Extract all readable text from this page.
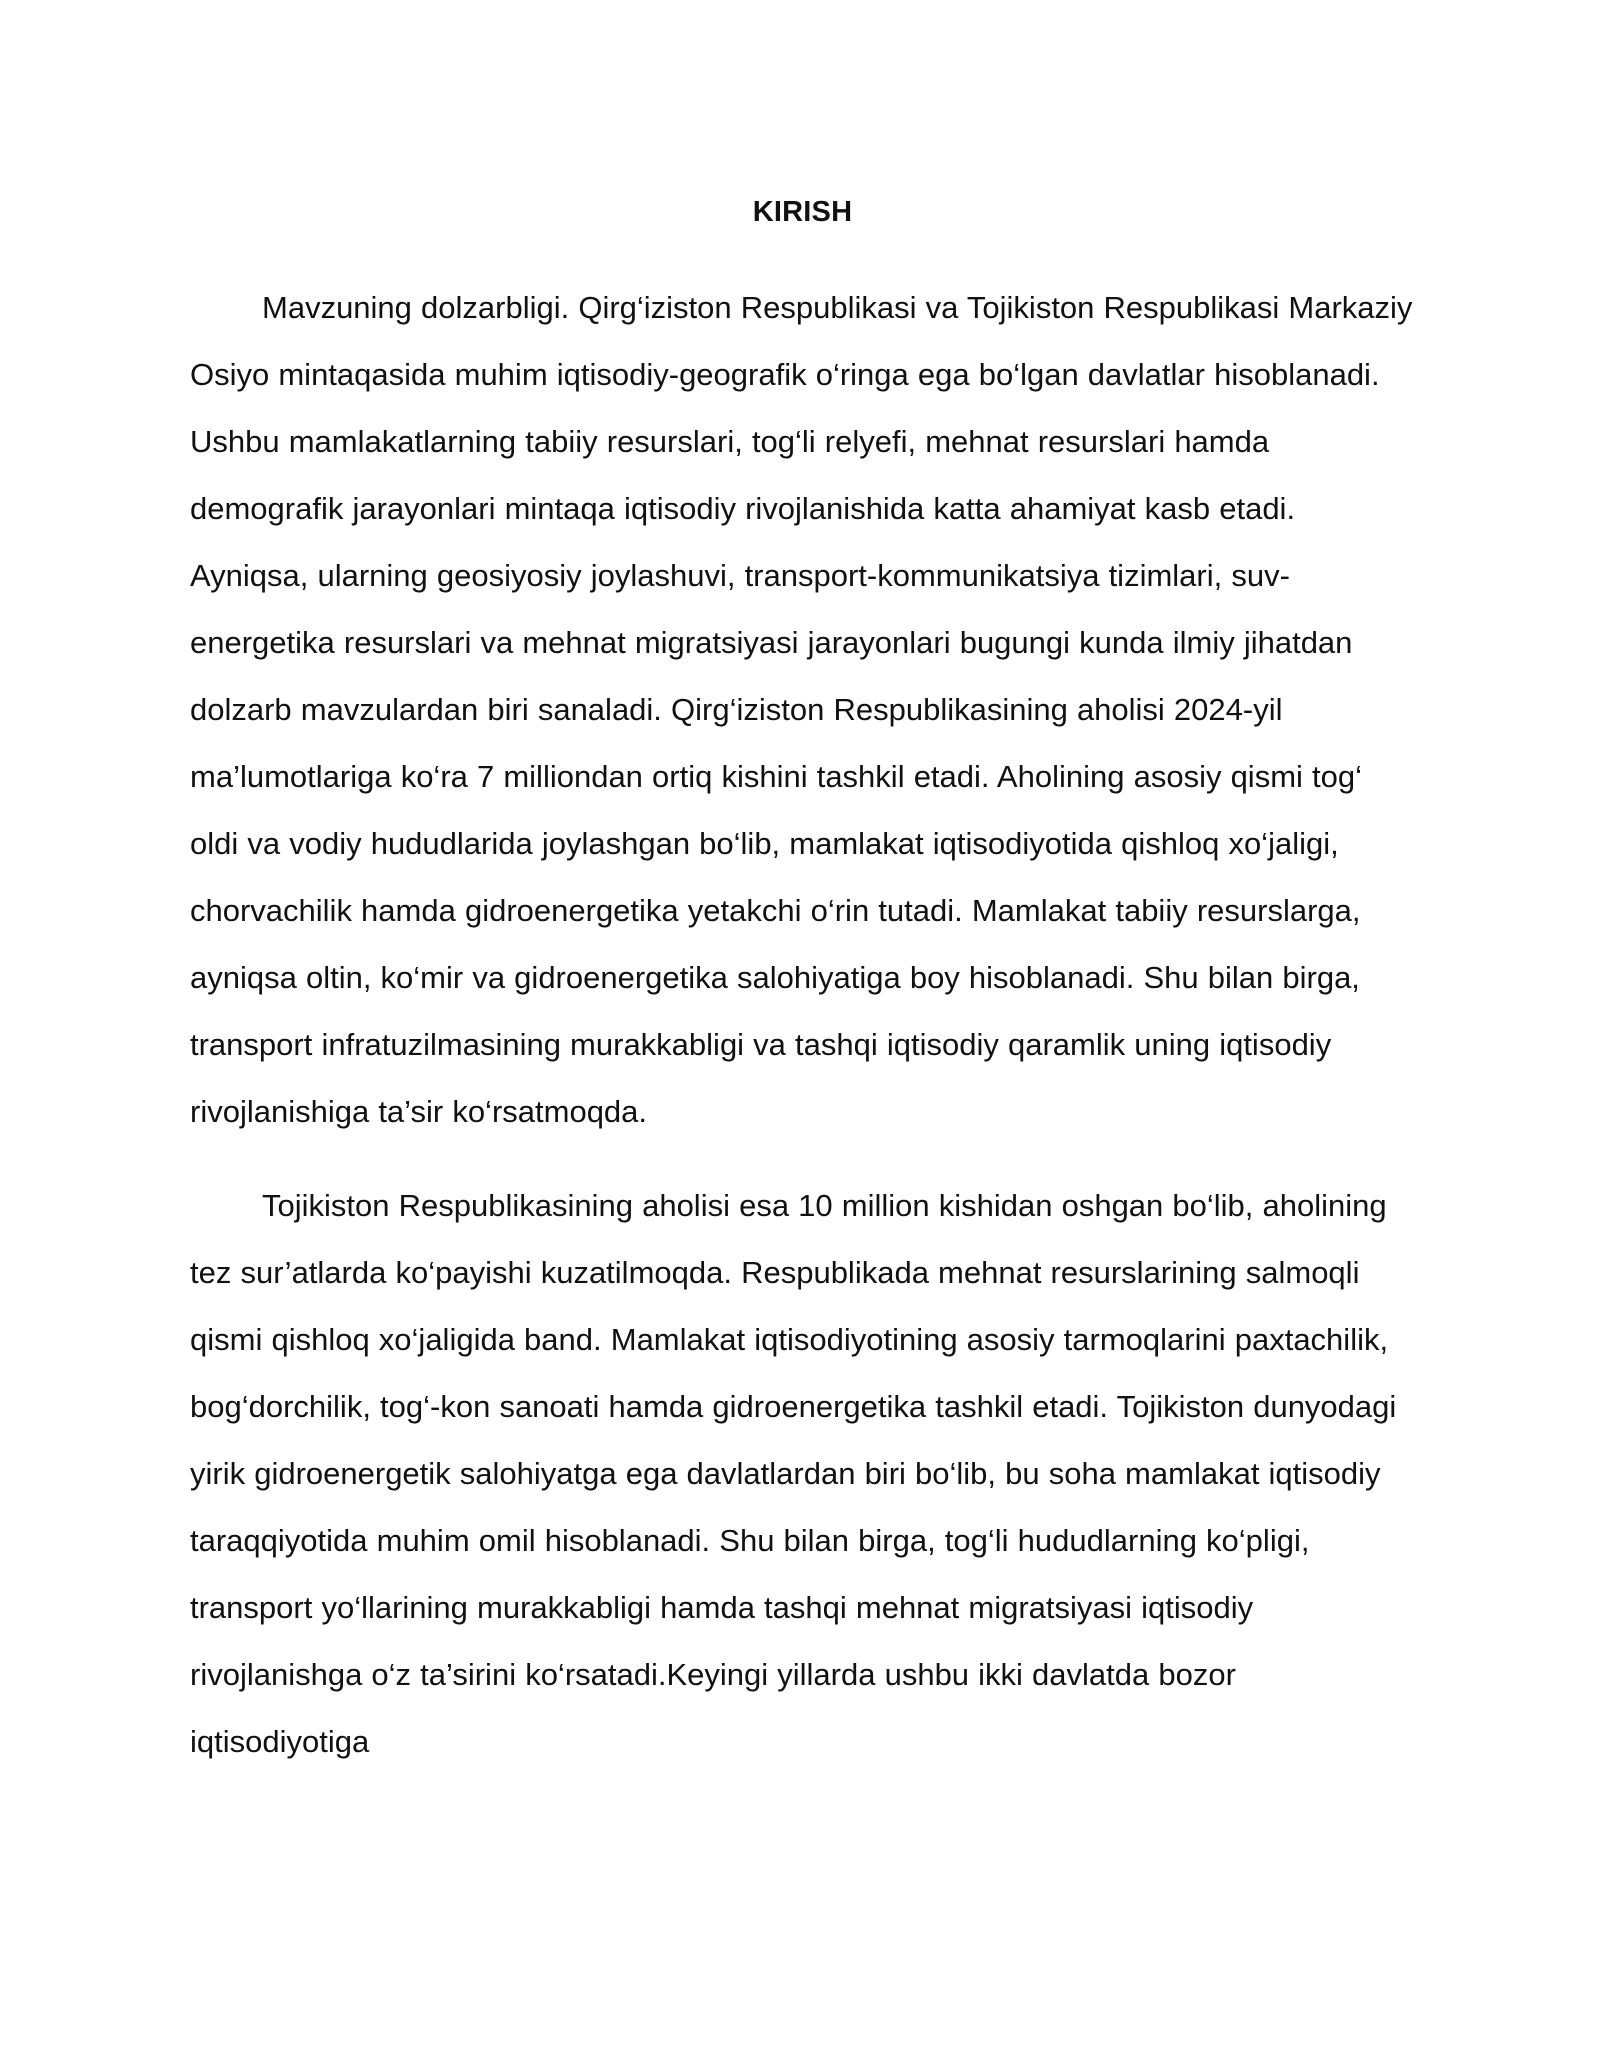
KIRISH

Mavzuning dolzarbligi. Qirg‘iziston Respublikasi va Tojikiston Respublikasi Markaziy Osiyo mintaqasida muhim iqtisodiy-geografik o‘ringa ega bo‘lgan davlatlar hisoblanadi. Ushbu mamlakatlarning tabiiy resurslari, tog‘li relyefi, mehnat resurslari hamda demografik jarayonlari mintaqa iqtisodiy rivojlanishida katta ahamiyat kasb etadi. Ayniqsa, ularning geosiyosiy joylashuvi, transport-kommunikatsiya tizimlari, suv-energetika resurslari va mehnat migratsiyasi jarayonlari bugungi kunda ilmiy jihatdan dolzarb mavzulardan biri sanaladi. Qirg‘iziston Respublikasining aholisi 2024-yil ma’lumotlariga ko‘ra 7 milliondan ortiq kishini tashkil etadi. Aholining asosiy qismi tog‘ oldi va vodiy hududlarida joylashgan bo‘lib, mamlakat iqtisodiyotida qishloq xo‘jaligi, chorvachilik hamda gidroenergetika yetakchi o‘rin tutadi. Mamlakat tabiiy resurslarga, ayniqsa oltin, ko‘mir va gidroenergetika salohiyatiga boy hisoblanadi. Shu bilan birga, transport infratuzilmasining murakkabligi va tashqi iqtisodiy qaramlik uning iqtisodiy rivojlanishiga ta’sir ko‘rsatmoqda.

Tojikiston Respublikasining aholisi esa 10 million kishidan oshgan bo‘lib, aholining tez sur’atlarda ko‘payishi kuzatilmoqda. Respublikada mehnat resurslarining salmoqli qismi qishloq xo‘jaligida band. Mamlakat iqtisodiyotining asosiy tarmoqlarini paxtachilik, bog‘dorchilik, tog‘-kon sanoati hamda gidroenergetika tashkil etadi. Tojikiston dunyodagi yirik gidroenergetik salohiyatga ega davlatlardan biri bo‘lib, bu soha mamlakat iqtisodiy taraqqiyotida muhim omil hisoblanadi. Shu bilan birga, tog‘li hududlarning ko‘pligi, transport yo‘llarining murakkabligi hamda tashqi mehnat migratsiyasi iqtisodiy rivojlanishga o‘z ta’sirini ko‘rsatadi.Keyingi yillarda ushbu ikki davlatda bozor iqtisodiyotiga
